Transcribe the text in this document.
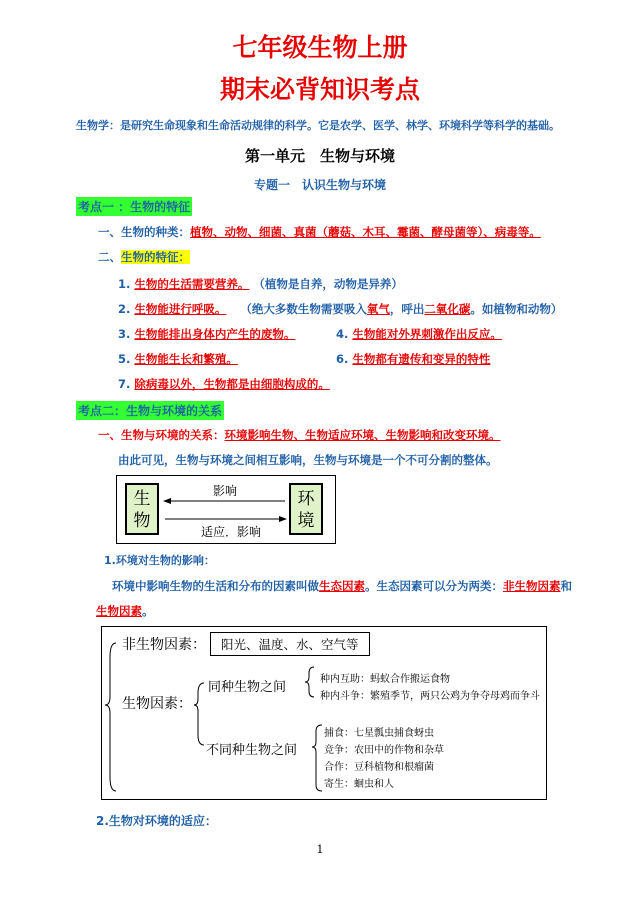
七年级生物上册
期末必背知识考点
生物学：是研究生命现象和生命活动规律的科学。它是农学、医学、林学、环境科学等科学的基础。
第一单元　生物与环境
专题一　认识生物与环境
考点一 ：生物的特征
一、生物的种类：植物、动物、细菌、真菌（蘑菇、木耳、霉菌、酵母菌等）、病毒等。
二、生物的特征：
1. 生物的生活需要营养。 （植物是自养，动物是异养）
2. 生物能进行呼吸。 （绝大多数生物需要吸入氧气，呼出二氧化碳。如植物和动物）
3. 生物能排出身体内产生的废物。	4. 生物能对外界刺激作出反应。
5. 生物能生长和繁殖。	6. 生物都有遗传和变异的特性
7. 除病毒以外，生物都是由细胞构成的。
考点二：生物与环境的关系
一、生物与环境的关系：环境影响生物、生物适应环境、生物影响和改变环境。
由此可见，生物与环境之间相互影响，生物与环境是一个不可分割的整体。
生
物
环
境
影响
适应．影响
1.环境对生物的影响：
环境中影响生物的生活和分布的因素叫做生态因素。生态因素可以分为两类：非生物因素和
生物因素。
非生物因素：	阳光、温度、水、空气等
生物因素：
同种生物之间
不同种生物之间
种内互助：蚂蚁合作搬运食物
种内斗争：繁殖季节，两只公鸡为争夺母鸡而争斗
捕食：七星瓢虫捕食蚜虫
竞争：农田中的作物和杂草
合作：豆科植物和根瘤菌
寄生：蛔虫和人
2.生物对环境的适应：
1
